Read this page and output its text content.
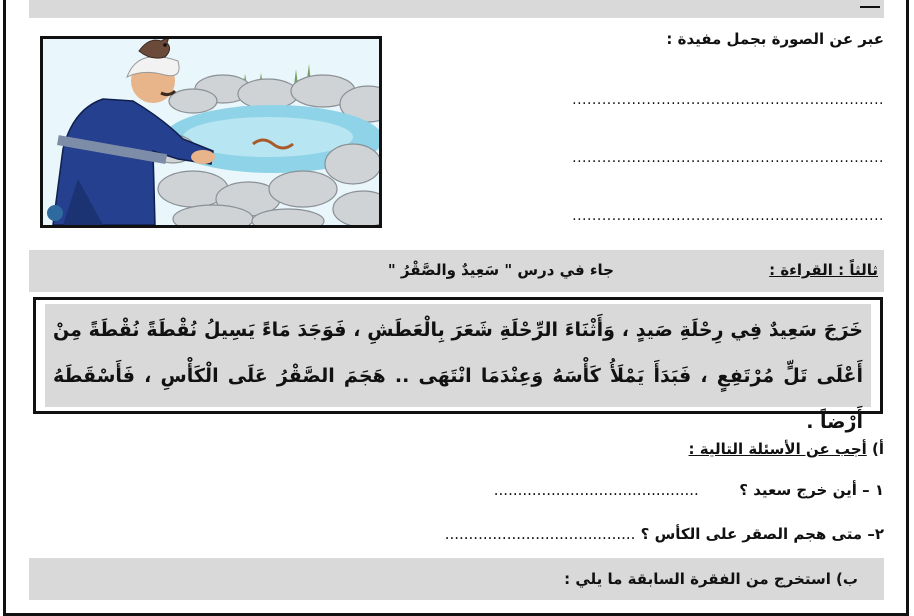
عبر عن الصورة بجمل مفيدة :
...............................................................
...............................................................
...............................................................
ثالثاً : القراءة :
جاء في درس " سَعِيدٌ والصَّقْرُ "
خَرَجَ سَعِيدٌ فِي رِحْلَةِ صَيدٍ ، وَأَثْنَاءَ الرِّحْلَةِ شَعَرَ بِالْعَطَشِ ، فَوَجَدَ مَاءً يَسِيلُ نُقْطَةً نُقْطَةً مِنْ أَعْلَى تَلٍّ مُرْتَفِعٍ ، فَبَدَأَ يَمْلَأُ كَأْسَهُ وَعِنْدَمَا انْتَهَى .. هَجَمَ الصَّقْرُ عَلَى الْكَأْسِ ، فَأَسْقَطَهُ أَرْضاً .
أ) أجب عن الأسئلة التالية :
١ – أين خرج سعيد ؟  ...........................................
٢– متى هجم الصقر على الكأس ؟ ........................................
ب) استخرج من الفقرة السابقة ما يلي :
